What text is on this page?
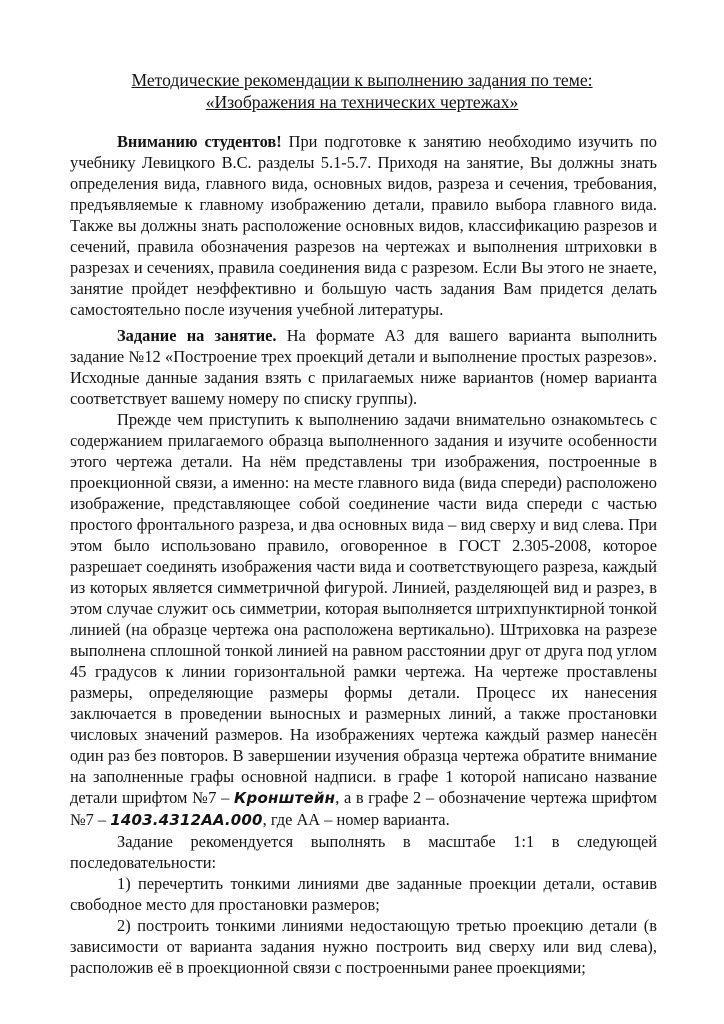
Методические рекомендации к выполнению задания по теме:
«Изображения на технических чертежах»

Вниманию студентов! При подготовке к занятию необходимо изучить по учебнику Левицкого В.С. разделы 5.1-5.7. Приходя на занятие, Вы должны знать определения вида, главного вида, основных видов, разреза и сечения, требования, предъявляемые к главному изображению детали, правило выбора главного вида. Также вы должны знать расположение основных видов, классификацию разрезов и сечений, правила обозначения разрезов на чертежах и выполнения штриховки в разрезах и сечениях, правила соединения вида с разрезом. Если Вы этого не знаете, занятие пройдет неэффективно и большую часть задания Вам придется делать самостоятельно после изучения учебной литературы.

Задание на занятие. На формате А3 для вашего варианта выполнить задание №12 «Построение трех проекций детали и выполнение простых разрезов». Исходные данные задания взять с прилагаемых ниже вариантов (номер варианта соответствует вашему номеру по списку группы).

Прежде чем приступить к выполнению задачи внимательно ознакомьтесь с содержанием прилагаемого образца выполненного задания и изучите особенности этого чертежа детали. На нём представлены три изображения, построенные в проекционной связи, а именно: на месте главного вида (вида спереди) расположено изображение, представляющее собой соединение части вида спереди с частью простого фронтального разреза, и два основных вида – вид сверху и вид слева. При этом было использовано правило, оговоренное в ГОСТ 2.305-2008, которое разрешает соединять изображения части вида и соответствующего разреза, каждый из которых является симметричной фигурой. Линией, разделяющей вид и разрез, в этом случае служит ось симметрии, которая выполняется штрихпунктирной тонкой линией (на образце чертежа она расположена вертикально). Штриховка на разрезе выполнена сплошной тонкой линией на равном расстоянии друг от друга под углом 45 градусов к линии горизонтальной рамки чертежа. На чертеже проставлены размеры, определяющие размеры формы детали. Процесс их нанесения заключается в проведении выносных и размерных линий, а также простановки числовых значений размеров. На изображениях чертежа каждый размер нанесён один раз без повторов. В завершении изучения образца чертежа обратите внимание на заполненные графы основной надписи. в графе 1 которой написано название детали шрифтом №7 – Кронштейн, а в графе 2 – обозначение чертежа шрифтом №7 – 1403.4312АА.000, где АА – номер варианта.

Задание рекомендуется выполнять в масштабе 1:1 в следующей последовательности:

1) перечертить тонкими линиями две заданные проекции детали, оставив свободное место для простановки размеров;

2) построить тонкими линиями недостающую третью проекцию детали (в зависимости от варианта задания нужно построить вид сверху или вид слева), расположив её в проекционной связи с построенными ранее проекциями;
